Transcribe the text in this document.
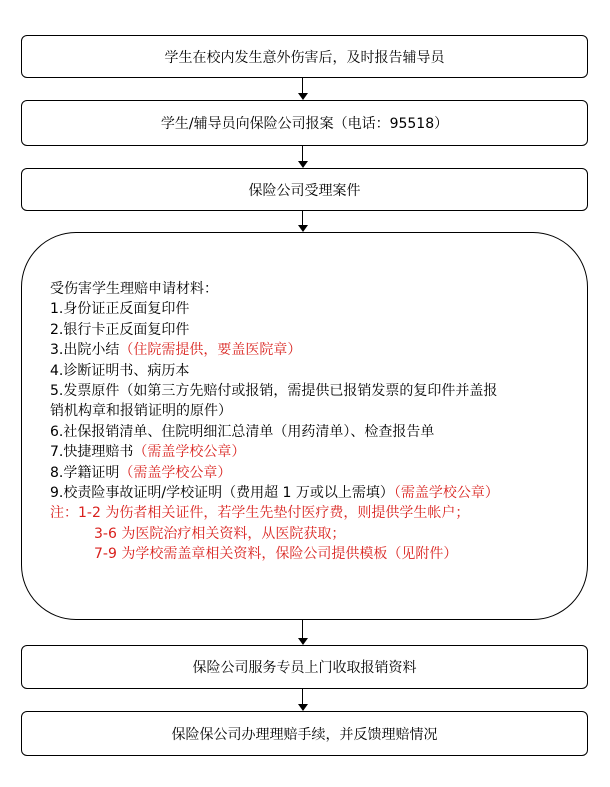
学生在校内发生意外伤害后，及时报告辅导员
学生/辅导员向保险公司报案（电话：95518）
保险公司受理案件
受伤害学生理赔申请材料：
1.身份证正反面复印件
2.银行卡正反面复印件
3.出院小结（住院需提供，要盖医院章）
4.诊断证明书、病历本
5.发票原件（如第三方先赔付或报销，需提供已报销发票的复印件并盖报
销机构章和报销证明的原件）
6.社保报销清单、住院明细汇总清单（用药清单）、检查报告单
7.快捷理赔书（需盖学校公章）
8.学籍证明（需盖学校公章）
9.校责险事故证明/学校证明（费用超 1 万或以上需填）（需盖学校公章）
注：1-2 为伤者相关证件，若学生先垫付医疗费，则提供学生帐户；
3-6 为医院治疗相关资料，从医院获取；
7-9 为学校需盖章相关资料，保险公司提供模板（见附件）
保险公司服务专员上门收取报销资料
保险保公司办理理赔手续，并反馈理赔情况
